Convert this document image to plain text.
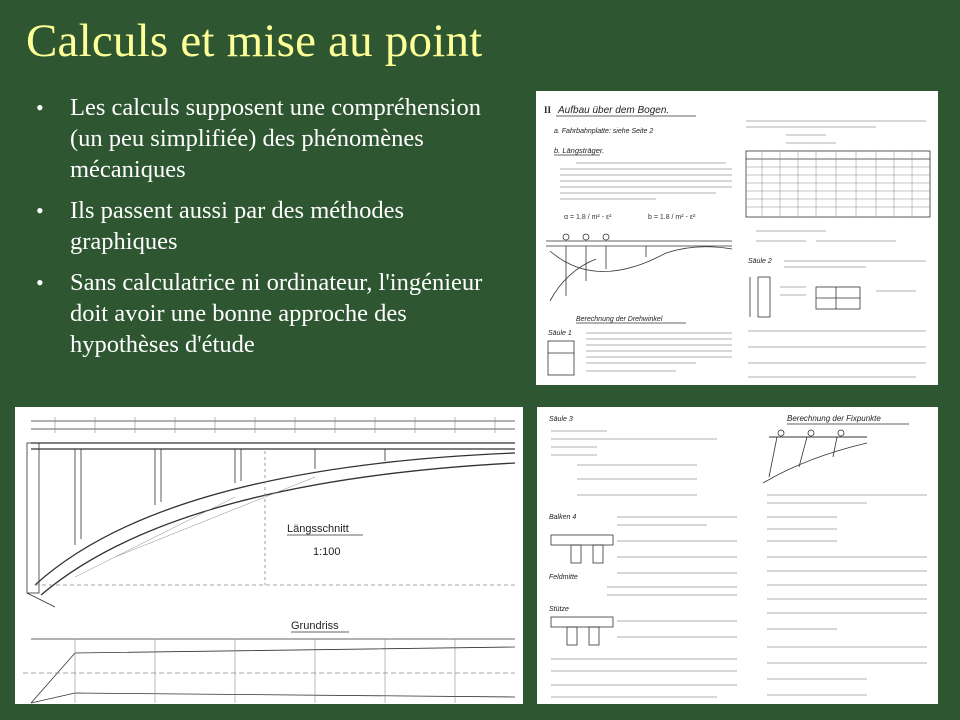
Calculs et mise au point
• Les calculs supposent une compréhension (un peu simplifiée) des phénomènes mécaniques
• Ils passent aussi par des méthodes graphiques
• Sans calculatrice ni ordinateur, l'ingénieur doit avoir une bonne approche des hypothèses d'étude
II Aufbau über dem Bogen.
a. Fahrbahnplatte: siehe Seite 2
b. Längsträger.
α = 1.8 / m² - ε²	b = 1.8 / m² - ε²
Berechnung der Drehwinkel
Säule 1
Säule 2
Längsschnitt
1:100
Grundriss
Säule 3	Berechnung der Fixpunkte
Balken 4
Feldmitte
Stütze
